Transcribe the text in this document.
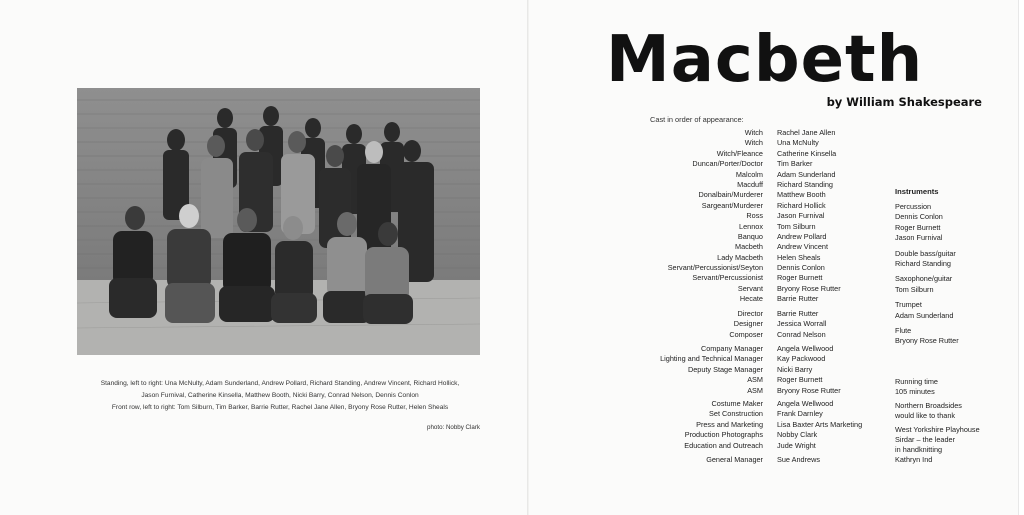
Standing, left to right: Una McNulty, Adam Sunderland, Andrew Pollard, Richard Standing, Andrew Vincent, Richard Hollick,
Jason Furnival, Catherine Kinsella, Matthew Booth, Nicki Barry, Conrad Nelson, Dennis Conlon
Front row, left to right: Tom Silburn, Tim Barker, Barrie Rutter, Rachel Jane Allen, Bryony Rose Rutter, Helen Sheals
photo: Nobby Clark
Macbeth
by William Shakespeare
Cast in order of appearance:
Witch Rachel Jane Allen
Witch Una McNulty
Witch/Fleance Catherine Kinsella
Duncan/Porter/Doctor Tim Barker
Malcolm Adam Sunderland
Macduff Richard Standing
Donalbain/Murderer Matthew Booth
Sargeant/Murderer Richard Hollick
Ross Jason Furnival
Lennox Tom Silburn
Banquo Andrew Pollard
Macbeth Andrew Vincent
Lady Macbeth Helen Sheals
Servant/Percussionist/Seyton Dennis Conlon
Servant/Percussionist Roger Burnett
Servant Bryony Rose Rutter
Hecate Barrie Rutter
Director Barrie Rutter
Designer Jessica Worrall
Composer Conrad Nelson
Company Manager Angela Wellwood
Lighting and Technical Manager Kay Packwood
Deputy Stage Manager Nicki Barry
ASM Roger Burnett
ASM Bryony Rose Rutter
Costume Maker Angela Wellwood
Set Construction Frank Darnley
Press and Marketing Lisa Baxter Arts Marketing
Production Photographs Nobby Clark
Education and Outreach Jude Wright
General Manager Sue Andrews
Instruments
Percussion
Dennis Conlon
Roger Burnett
Jason Furnival
Double bass/guitar
Richard Standing
Saxophone/guitar
Tom Silburn
Trumpet
Adam Sunderland
Flute
Bryony Rose Rutter
Running time
105 minutes
Northern Broadsides
would like to thank
West Yorkshire Playhouse
Sirdar – the leader
in handknitting
Kathryn Ind
